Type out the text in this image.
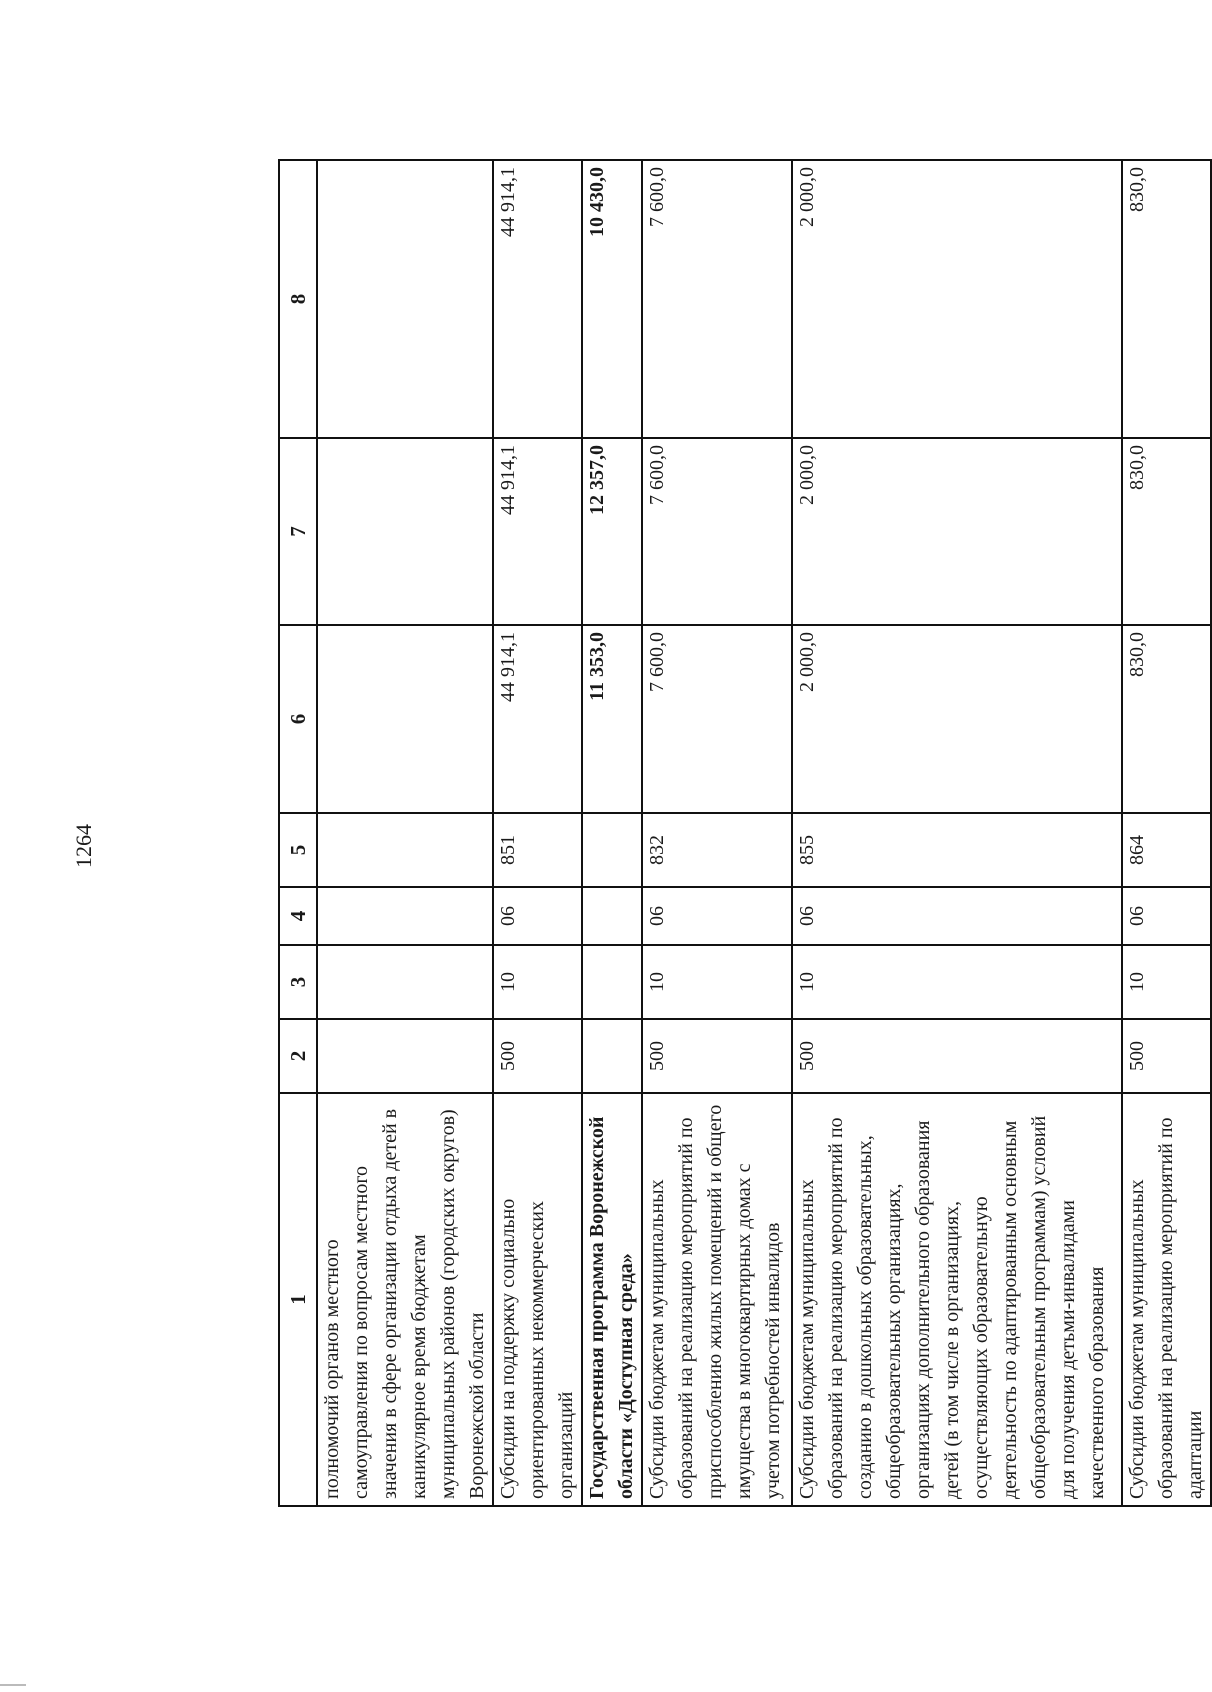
1264
1	2	3	4	5	6	7	8
полномочий органов местного самоуправления по вопросам местного значения в сфере организации отдыха детей в каникулярное время бюджетам муниципальных районов (городских округов) Воронежской области							
Субсидии на поддержку социально ориентированных некоммерческих организаций	500	10	06	851	44 914,1	44 914,1	44 914,1
Государственная программа Воронежской области «Доступная среда»					11 353,0	12 357,0	10 430,0
Субсидии бюджетам муниципальных образований на реализацию мероприятий по приспособлению жилых помещений и общего имущества в многоквартирных домах с учетом потребностей инвалидов	500	10	06	832	7 600,0	7 600,0	7 600,0
Субсидии бюджетам муниципальных образований на реализацию мероприятий по созданию в дошкольных образовательных, общеобразовательных организациях, организациях дополнительного образования детей (в том числе в организациях, осуществляющих образовательную деятельность по адаптированным основным общеобразовательным программам) условий для получения детьми-инвалидами качественного образования	500	10	06	855	2 000,0	2 000,0	2 000,0
Субсидии бюджетам муниципальных образований на реализацию мероприятий по адаптации	500	10	06	864	830,0	830,0	830,0
